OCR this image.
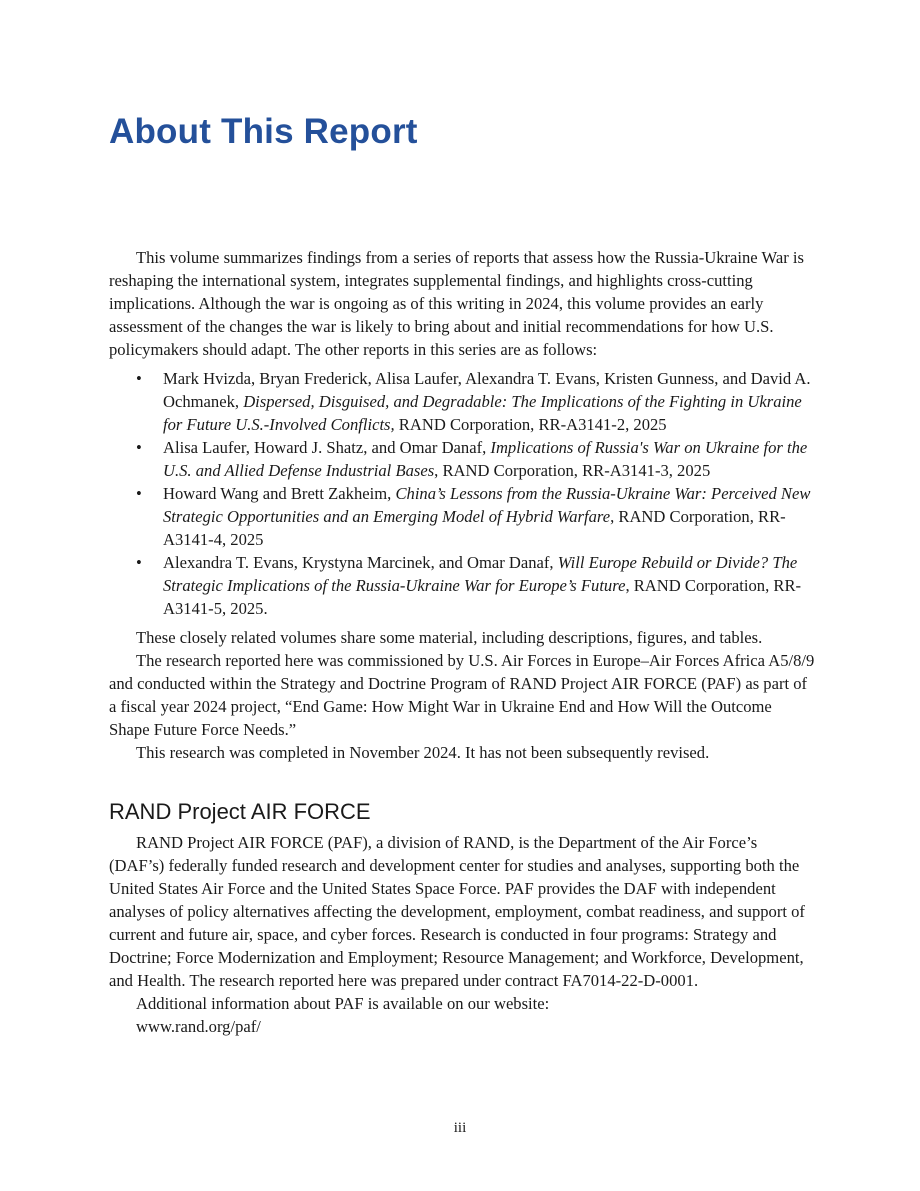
About This Report

This volume summarizes findings from a series of reports that assess how the Russia-Ukraine War is reshaping the international system, integrates supplemental findings, and highlights cross-cutting implications. Although the war is ongoing as of this writing in 2024, this volume provides an early assessment of the changes the war is likely to bring about and initial recommendations for how U.S. policymakers should adapt. The other reports in this series are as follows:

• Mark Hvizda, Bryan Frederick, Alisa Laufer, Alexandra T. Evans, Kristen Gunness, and David A. Ochmanek, Dispersed, Disguised, and Degradable: The Implications of the Fighting in Ukraine for Future U.S.-Involved Conflicts, RAND Corporation, RR-A3141-2, 2025
• Alisa Laufer, Howard J. Shatz, and Omar Danaf, Implications of Russia's War on Ukraine for the U.S. and Allied Defense Industrial Bases, RAND Corporation, RR-A3141-3, 2025
• Howard Wang and Brett Zakheim, China’s Lessons from the Russia-Ukraine War: Perceived New Strategic Opportunities and an Emerging Model of Hybrid Warfare, RAND Corporation, RR-A3141-4, 2025
• Alexandra T. Evans, Krystyna Marcinek, and Omar Danaf, Will Europe Rebuild or Divide? The Strategic Implications of the Russia-Ukraine War for Europe’s Future, RAND Corporation, RR-A3141-5, 2025.

These closely related volumes share some material, including descriptions, figures, and tables.

The research reported here was commissioned by U.S. Air Forces in Europe–Air Forces Africa A5/8/9 and conducted within the Strategy and Doctrine Program of RAND Project AIR FORCE (PAF) as part of a fiscal year 2024 project, “End Game: How Might War in Ukraine End and How Will the Outcome Shape Future Force Needs.”

This research was completed in November 2024. It has not been subsequently revised.

RAND Project AIR FORCE

RAND Project AIR FORCE (PAF), a division of RAND, is the Department of the Air Force’s (DAF’s) federally funded research and development center for studies and analyses, supporting both the United States Air Force and the United States Space Force. PAF provides the DAF with independent analyses of policy alternatives affecting the development, employment, combat readiness, and support of current and future air, space, and cyber forces. Research is conducted in four programs: Strategy and Doctrine; Force Modernization and Employment; Resource Management; and Workforce, Development, and Health. The research reported here was prepared under contract FA7014-22-D-0001.

Additional information about PAF is available on our website:

www.rand.org/paf/

iii
